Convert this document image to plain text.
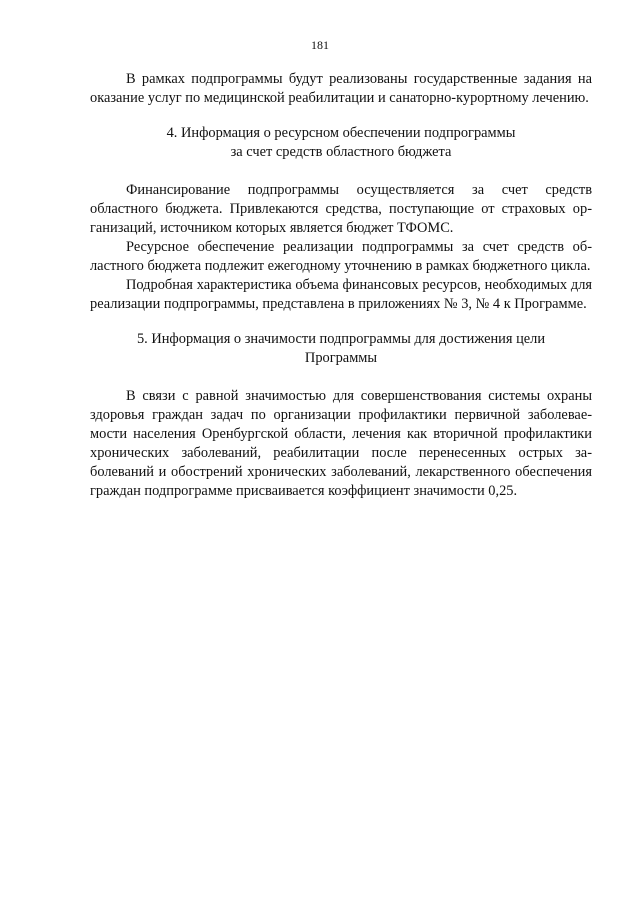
181

В рамках подпрограммы будут реализованы государственные задания на оказание услуг по медицинской реабилитации и санаторно-курортному лечению.

4. Информация о ресурсном обеспечении подпрограммы
за счет средств областного бюджета

Финансирование подпрограммы осуществляется за счет средств областного бюджета. Привлекаются средства, поступающие от страховых организаций, источником которых является бюджет ТФОМС.

Ресурсное обеспечение реализации подпрограммы за счет средств областного бюджета подлежит ежегодному уточнению в рамках бюджетного цикла.

Подробная характеристика объема финансовых ресурсов, необходимых для реализации подпрограммы, представлена в приложениях № 3, № 4 к Программе.

5. Информация о значимости подпрограммы для достижения цели
Программы

В связи с равной значимостью для совершенствования системы охраны здоровья граждан задач по организации профилактики первичной заболеваемости населения Оренбургской области, лечения как вторичной профилактики хронических заболеваний, реабилитации после перенесенных острых заболеваний и обострений хронических заболеваний, лекарственного обеспечения граждан подпрограмме присваивается коэффициент значимости 0,25.
